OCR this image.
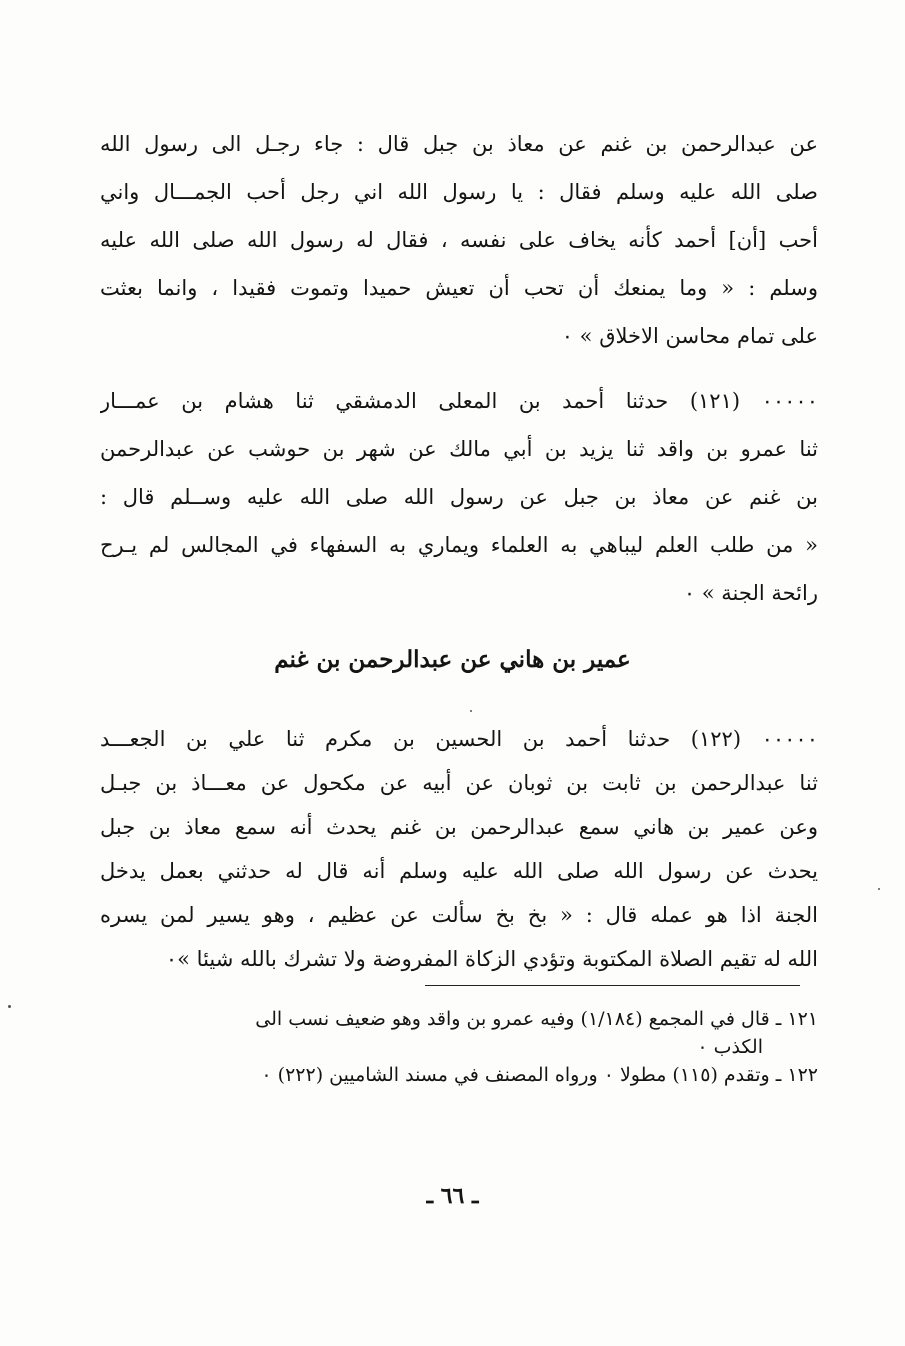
عن عبدالرحمن بن غنم عن معاذ بن جبل قال : جاء رجـل الى رسول الله
صلى الله عليه وسلم فقال : يا رسول الله اني رجل أحب الجمـــال واني
أحب [أن] أحمد كأنه يخاف على نفسه ، فقال له رسول الله صلى الله عليه
وسلم : « وما يمنعك أن تحب أن تعيش حميدا وتموت فقيدا ، وانما بعثت
على تمام محاسن الاخلاق » ٠
٠٠٠٠٠ (١٢١) حدثنا أحمد بن المعلى الدمشقي ثنا هشام بن عمـــار
ثنا عمرو بن واقد ثنا يزيد بن أبي مالك عن شهر بن حوشب عن عبدالرحمن
بن غنم عن معاذ بن جبل عن رسول الله صلى الله عليه وســلم قال :
« من طلب العلم ليباهي به العلماء ويماري به السفهاء في المجالس لم يـرح
رائحة الجنة » ٠
عمير بن هاني عن عبدالرحمن بن غنم
٠٠٠٠٠ (١٢٢) حدثنا أحمد بن الحسين بن مكرم ثنا علي بن الجعـــد
ثنا عبدالرحمن بن ثابت بن ثوبان عن أبيه عن مكحول عن معـــاذ بن جبـل
وعن عمير بن هاني سمع عبدالرحمن بن غنم يحدث أنه سمع معاذ بن جبل
يحدث عن رسول الله صلى الله عليه وسلم أنه قال له حدثني بعمل يدخل
الجنة اذا هو عمله قال : « بخ بخ سألت عن عظيم ، وهو يسير لمن يسره
الله له تقيم الصلاة المكتوبة وتؤدي الزكاة المفروضة ولا تشرك بالله شيئا »٠
١٢١ ـ قال في المجمع (١/١٨٤) وفيه عمرو بن واقد وهو ضعيف نسب الى
الكذب ٠
١٢٢ ـ وتقدم (١١٥) مطولا ٠ ورواه المصنف في مسند الشاميين (٢٢٢) ٠
ـ ٦٦ ـ
